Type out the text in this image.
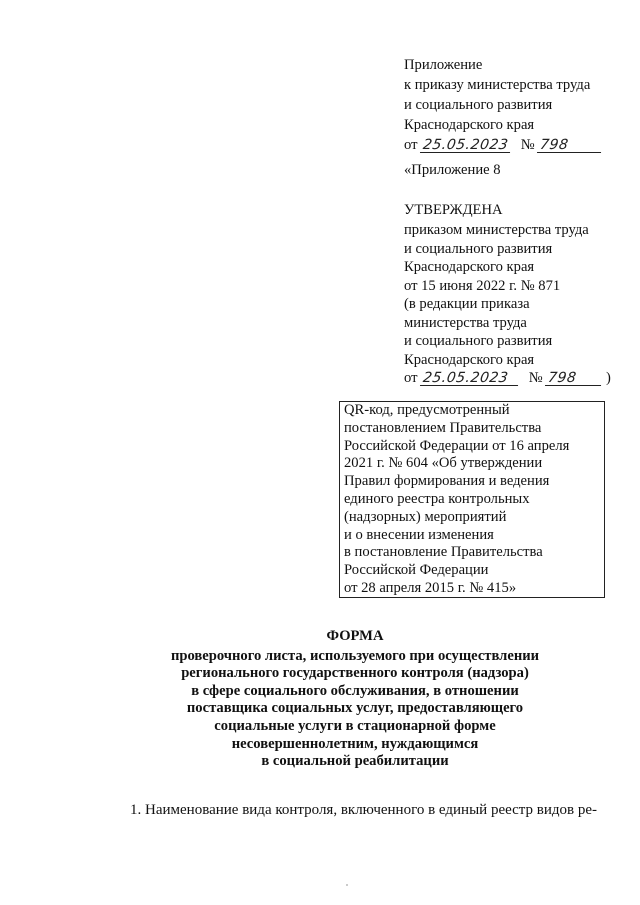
Приложение
к приказу министерства труда
и социального развития
Краснодарского края
от 25.05.2023 № 798
«Приложение 8
УТВЕРЖДЕНА
приказом министерства труда
и социального развития
Краснодарского края
от 15 июня 2022 г. № 871
(в редакции приказа
министерства труда
и социального развития
Краснодарского края
от 25.05.2023 № 798 )
QR-код, предусмотренный
постановлением Правительства
Российской Федерации от 16 апреля
2021 г. № 604 «Об утверждении
Правил формирования и ведения
единого реестра контрольных
(надзорных) мероприятий
и о внесении изменения
в постановление Правительства
Российской Федерации
от 28 апреля 2015 г. № 415»
ФОРМА
проверочного листа, используемого при осуществлении
регионального государственного контроля (надзора)
в сфере социального обслуживания, в отношении
поставщика социальных услуг, предоставляющего
социальные услуги в стационарной форме
несовершеннолетним, нуждающимся
в социальной реабилитации
1. Наименование вида контроля, включенного в единый реестр видов ре-
